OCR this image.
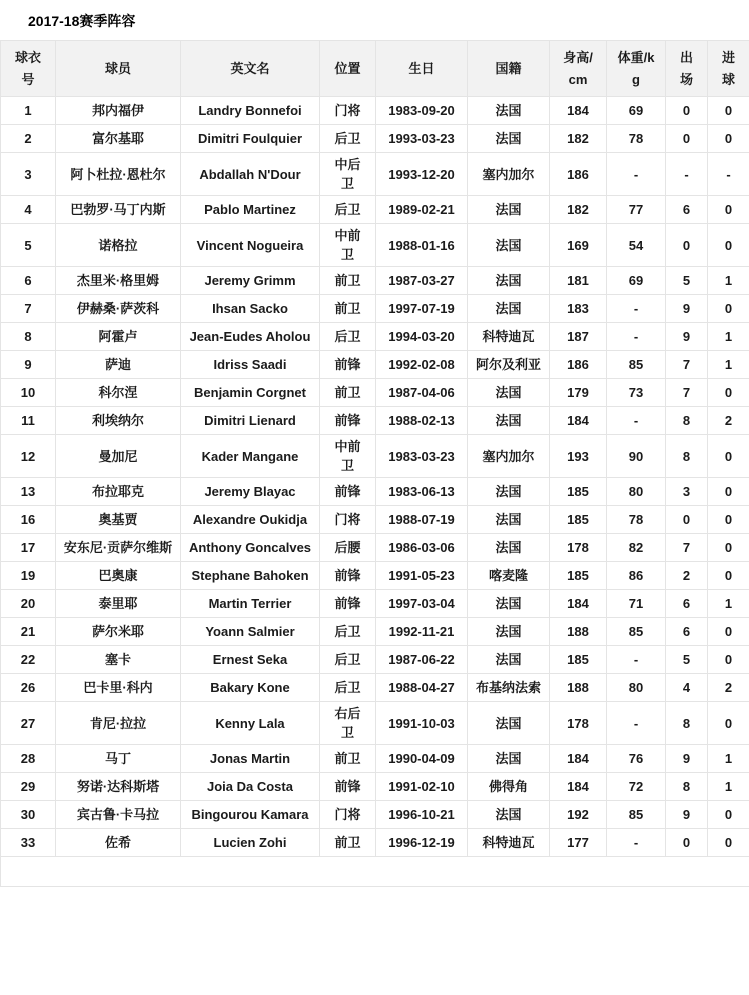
2017-18赛季阵容
球衣号	球员	英文名	位置	生日	国籍	身高/cm	体重/kg	出场	进球
1	邦内福伊	Landry Bonnefoi	门将	1983-09-20	法国	184	69	0	0
2	富尔基耶	Dimitri Foulquier	后卫	1993-03-23	法国	182	78	0	0
3	阿卜杜拉·恩杜尔	Abdallah N'Dour	中后卫	1993-12-20	塞内加尔	186	-	-	-
4	巴勃罗·马丁内斯	Pablo Martinez	后卫	1989-02-21	法国	182	77	6	0
5	诺格拉	Vincent Nogueira	中前卫	1988-01-16	法国	169	54	0	0
6	杰里米·格里姆	Jeremy Grimm	前卫	1987-03-27	法国	181	69	5	1
7	伊赫桑·萨茨科	Ihsan Sacko	前卫	1997-07-19	法国	183	-	9	0
8	阿霍卢	Jean-Eudes Aholou	后卫	1994-03-20	科特迪瓦	187	-	9	1
9	萨迪	Idriss Saadi	前锋	1992-02-08	阿尔及利亚	186	85	7	1
10	科尔涅	Benjamin Corgnet	前卫	1987-04-06	法国	179	73	7	0
11	利埃纳尔	Dimitri Lienard	前锋	1988-02-13	法国	184	-	8	2
12	曼加尼	Kader Mangane	中前卫	1983-03-23	塞内加尔	193	90	8	0
13	布拉耶克	Jeremy Blayac	前锋	1983-06-13	法国	185	80	3	0
16	奥基贾	Alexandre Oukidja	门将	1988-07-19	法国	185	78	0	0
17	安东尼·贡萨尔维斯	Anthony Goncalves	后腰	1986-03-06	法国	178	82	7	0
19	巴奥康	Stephane Bahoken	前锋	1991-05-23	喀麦隆	185	86	2	0
20	泰里耶	Martin Terrier	前锋	1997-03-04	法国	184	71	6	1
21	萨尔米耶	Yoann Salmier	后卫	1992-11-21	法国	188	85	6	0
22	塞卡	Ernest Seka	后卫	1987-06-22	法国	185	-	5	0
26	巴卡里·科内	Bakary Kone	后卫	1988-04-27	布基纳法索	188	80	4	2
27	肯尼·拉拉	Kenny Lala	右后卫	1991-10-03	法国	178	-	8	0
28	马丁	Jonas Martin	前卫	1990-04-09	法国	184	76	9	1
29	努诺·达科斯塔	Joia Da Costa	前锋	1991-02-10	佛得角	184	72	8	1
30	宾古鲁·卡马拉	Bingourou Kamara	门将	1996-10-21	法国	192	85	9	0
33	佐希	Lucien Zohi	前卫	1996-12-19	科特迪瓦	177	-	0	0
